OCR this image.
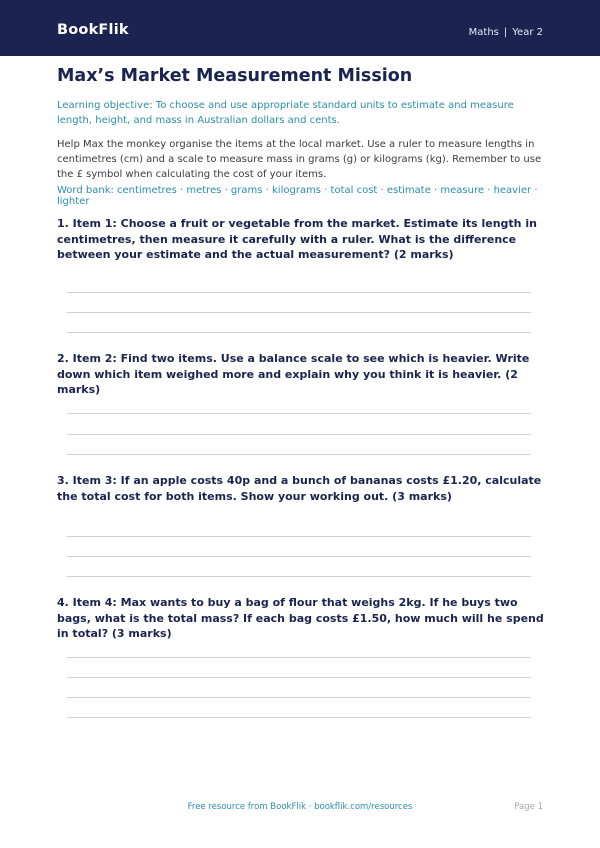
BookFlik	Maths | Year 2
Max’s Market Measurement Mission

Learning objective: To choose and use appropriate standard units to estimate and measure length, height, and mass in Australian dollars and cents.

Help Max the monkey organise the items at the local market. Use a ruler to measure lengths in centimetres (cm) and a scale to measure mass in grams (g) or kilograms (kg). Remember to use the £ symbol when calculating the cost of your items.

Word bank: centimetres · metres · grams · kilograms · total cost · estimate · measure · heavier · lighter

1. Item 1: Choose a fruit or vegetable from the market. Estimate its length in centimetres, then measure it carefully with a ruler. What is the difference between your estimate and the actual measurement? (2 marks)

2. Item 2: Find two items. Use a balance scale to see which is heavier. Write down which item weighed more and explain why you think it is heavier. (2 marks)

3. Item 3: If an apple costs 40p and a bunch of bananas costs £1.20, calculate the total cost for both items. Show your working out. (3 marks)

4. Item 4: Max wants to buy a bag of flour that weighs 2kg. If he buys two bags, what is the total mass? If each bag costs £1.50, how much will he spend in total? (3 marks)

Free resource from BookFlik · bookflik.com/resources	Page 1
